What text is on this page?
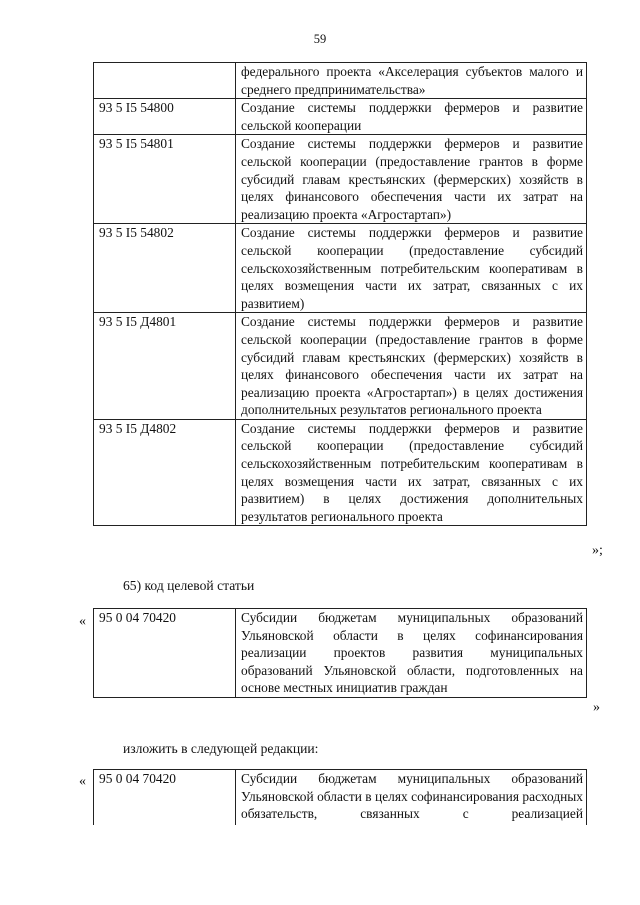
59
	федерального проекта «Акселерация субъектов малого и среднего предпринимательства»
93 5 I5 54800	Создание системы поддержки фермеров и развитие сельской кооперации
93 5 I5 54801	Создание системы поддержки фермеров и развитие сельской кооперации (предоставление грантов в форме субсидий главам крестьянских (фермерских) хозяйств в целях финансового обеспечения части их затрат на реализацию проекта «Агростартап»)
93 5 I5 54802	Создание системы поддержки фермеров и развитие сельской кооперации (предоставление субсидий сельскохозяйственным потребительским кооперативам в целях возмещения части их затрат, связанных с их развитием)
93 5 I5 Д4801	Создание системы поддержки фермеров и развитие сельской кооперации (предоставление грантов в форме субсидий главам крестьянских (фермерских) хозяйств в целях финансового обеспечения части их затрат на реализацию проекта «Агростартап») в целях достижения дополнительных результатов регионального проекта
93 5 I5 Д4802	Создание системы поддержки фермеров и развитие сельской кооперации (предоставление субсидий сельскохозяйственным потребительским кооперативам в целях возмещения части их затрат, связанных с их развитием) в целях достижения дополнительных результатов регионального проекта
»;
65) код целевой статьи
« 95 0 04 70420	Субсидии бюджетам муниципальных образований Ульяновской области в целях софинансирования реализации проектов развития муниципальных образований Ульяновской области, подготовленных на основе местных инициатив граждан
»
изложить в следующей редакции:
« 95 0 04 70420	Субсидии бюджетам муниципальных образований Ульяновской области в целях софинансирования расходных обязательств, связанных с реализацией
